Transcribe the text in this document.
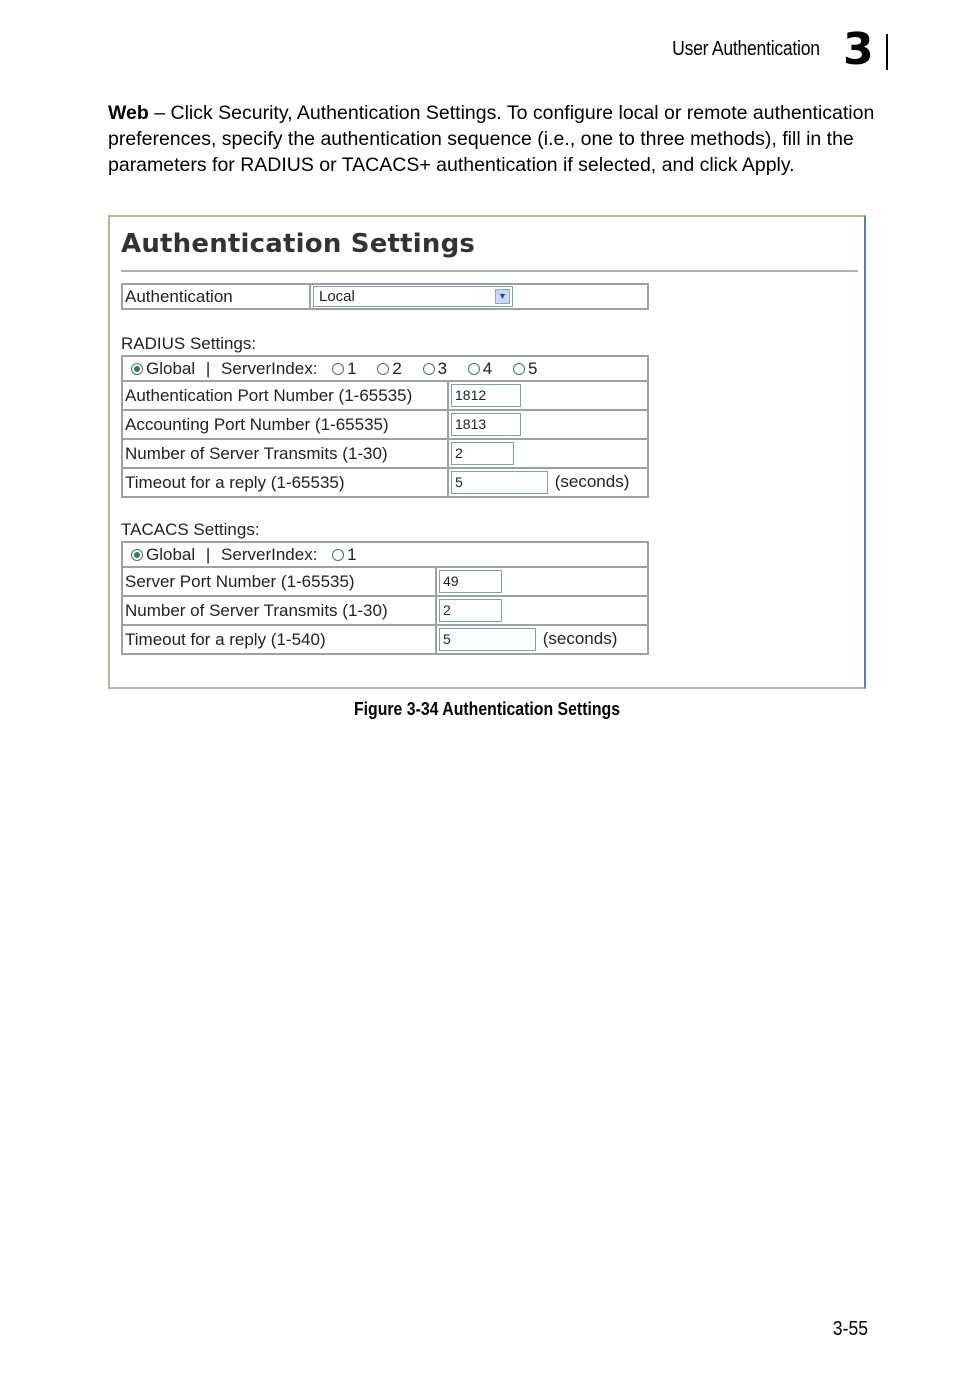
User Authentication 3
Web – Click Security, Authentication Settings. To configure local or remote authentication preferences, specify the authentication sequence (i.e., one to three methods), fill in the parameters for RADIUS or TACACS+ authentication if selected, and click Apply.
Authentication Settings
Authentication	Local	▼
RADIUS Settings:
Global | ServerIndex: 1 2 3 4 5	
Authentication Port Number (1-65535)	1812
Accounting Port Number (1-65535)	1813
Number of Server Transmits (1-30)	2
Timeout for a reply (1-65535)	5 (seconds)
TACACS Settings:
Global | ServerIndex: 1	
Server Port Number (1-65535)	49
Number of Server Transmits (1-30)	2
Timeout for a reply (1-540)	5 (seconds)
Figure 3-34 Authentication Settings
3-55
